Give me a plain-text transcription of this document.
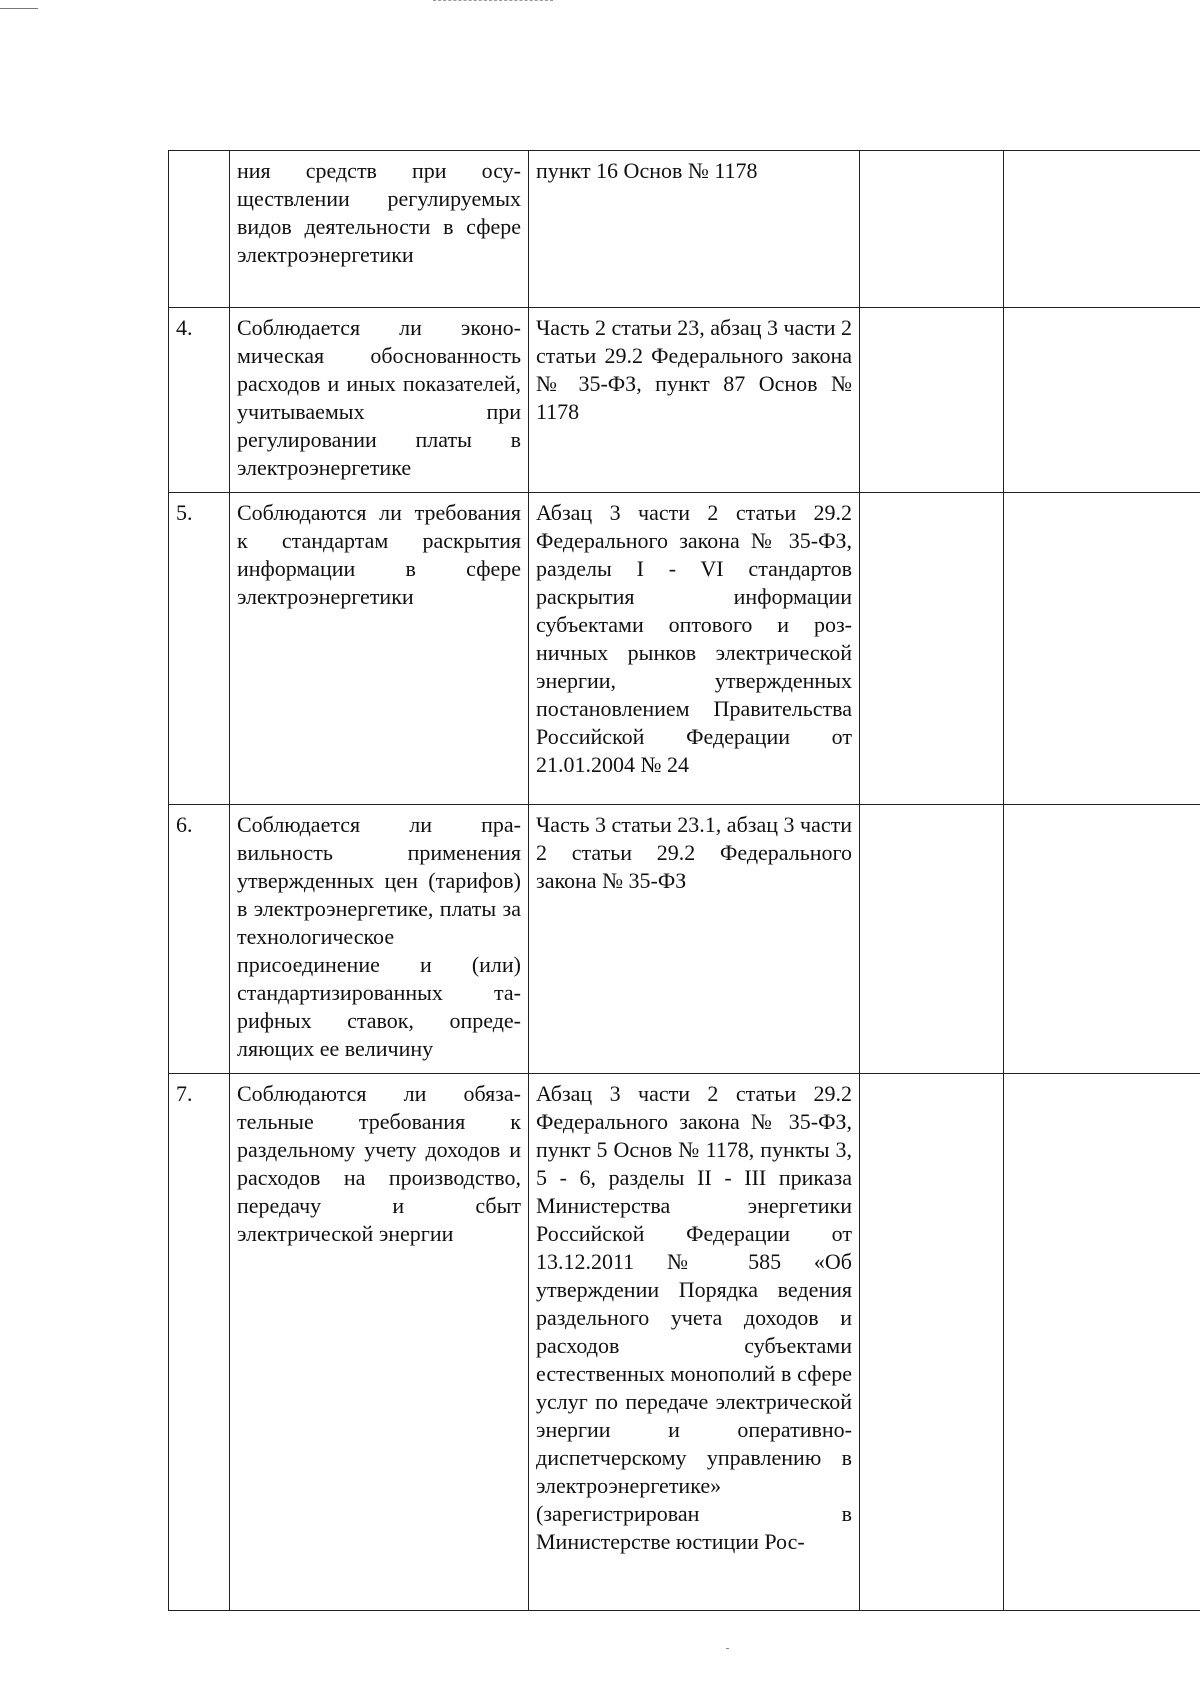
	ния средств при осуществлении регулируемых видов деятельности в сфере электроэнергетики	пункт 16 Основ № 1178		

4.	Соблюдается ли экономическая обоснованность расходов и иных показателей, учитываемых при регулировании платы в электроэнергетике	Часть 2 статьи 23, абзац 3 части 2 статьи 29.2 Федерального закона № 35-ФЗ, пункт 87 Основ № 1178		

5.	Соблюдаются ли требования к стандартам раскрытия информации в сфере электроэнергетики	Абзац 3 части 2 статьи 29.2 Федерального закона № 35-ФЗ, разделы I - VI стандартов раскрытия информации субъектами оптового и розничных рынков электрической энергии, утвержденных постановлением Правительства Российской Федерации от 21.01.2004 № 24		

6.	Соблюдается ли правильность применения утвержденных цен (тарифов) в электроэнергетике, платы за технологическое присоединение и (или) стандартизированных тарифных ставок, определяющих ее величину	Часть 3 статьи 23.1, абзац 3 части 2 статьи 29.2 Федерального закона № 35-ФЗ		

7.	Соблюдаются ли обязательные требования к раздельному учету доходов и расходов на производство, передачу и сбыт электрической энергии	Абзац 3 части 2 статьи 29.2 Федерального закона № 35-ФЗ, пункт 5 Основ № 1178, пункты 3, 5 - 6, разделы II - III приказа Министерства энергетики Российской Федерации от 13.12.2011 № 585 «Об утверждении Порядка ведения раздельного учета доходов и расходов субъектами естественных монополий в сфере услуг по передаче электрической энергии и оперативно-диспетчерскому управлению в электроэнергетике» (зарегистрирован в Министерстве юстиции Рос-		
